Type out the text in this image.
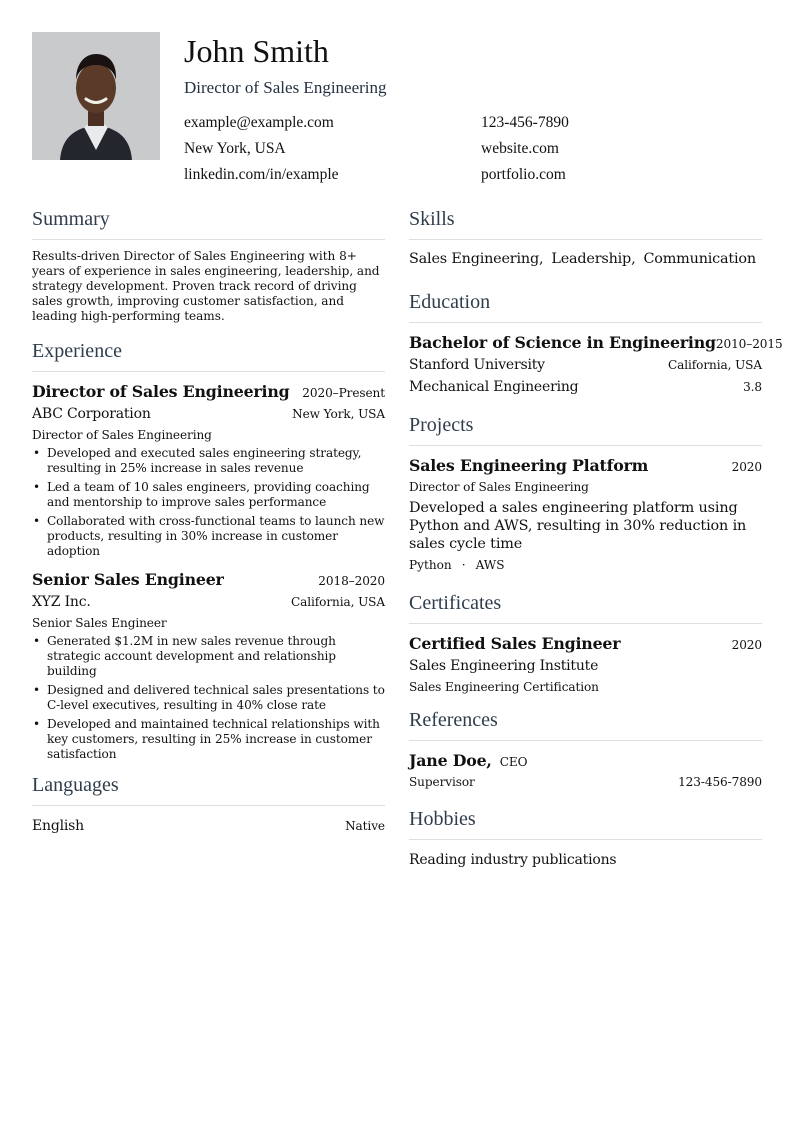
John Smith
Director of Sales Engineering
example@example.com	123-456-7890
New York, USA	website.com
linkedin.com/in/example	portfolio.com
Summary
Results-driven Director of Sales Engineering with 8+ years of experience in sales engineering, leadership, and strategy development. Proven track record of driving sales growth, improving customer satisfaction, and leading high-performing teams.
Experience
Director of Sales Engineering 2020–Present
ABC Corporation	New York, USA
Director of Sales Engineering
• Developed and executed sales engineering strategy, resulting in 25% increase in sales revenue
• Led a team of 10 sales engineers, providing coaching and mentorship to improve sales performance
• Collaborated with cross-functional teams to launch new products, resulting in 30% increase in customer adoption
Senior Sales Engineer	2018–2020
XYZ Inc.	California, USA
Senior Sales Engineer
• Generated $1.2M in new sales revenue through strategic account development and relationship building
• Designed and delivered technical sales presentations to C-level executives, resulting in 40% close rate
• Developed and maintained technical relationships with key customers, resulting in 25% increase in customer satisfaction
Languages
English	Native
Skills
Sales Engineering, Leadership, Communication
Education
Bachelor of Science in Engineering 2010–2015
Stanford University	California, USA
Mechanical Engineering	3.8
Projects
Sales Engineering Platform	2020
Director of Sales Engineering
Developed a sales engineering platform using Python and AWS, resulting in 30% reduction in sales cycle time
Python · AWS
Certificates
Certified Sales Engineer	2020
Sales Engineering Institute
Sales Engineering Certification
References
Jane Doe, CEO
Supervisor	123-456-7890
Hobbies
Reading industry publications
